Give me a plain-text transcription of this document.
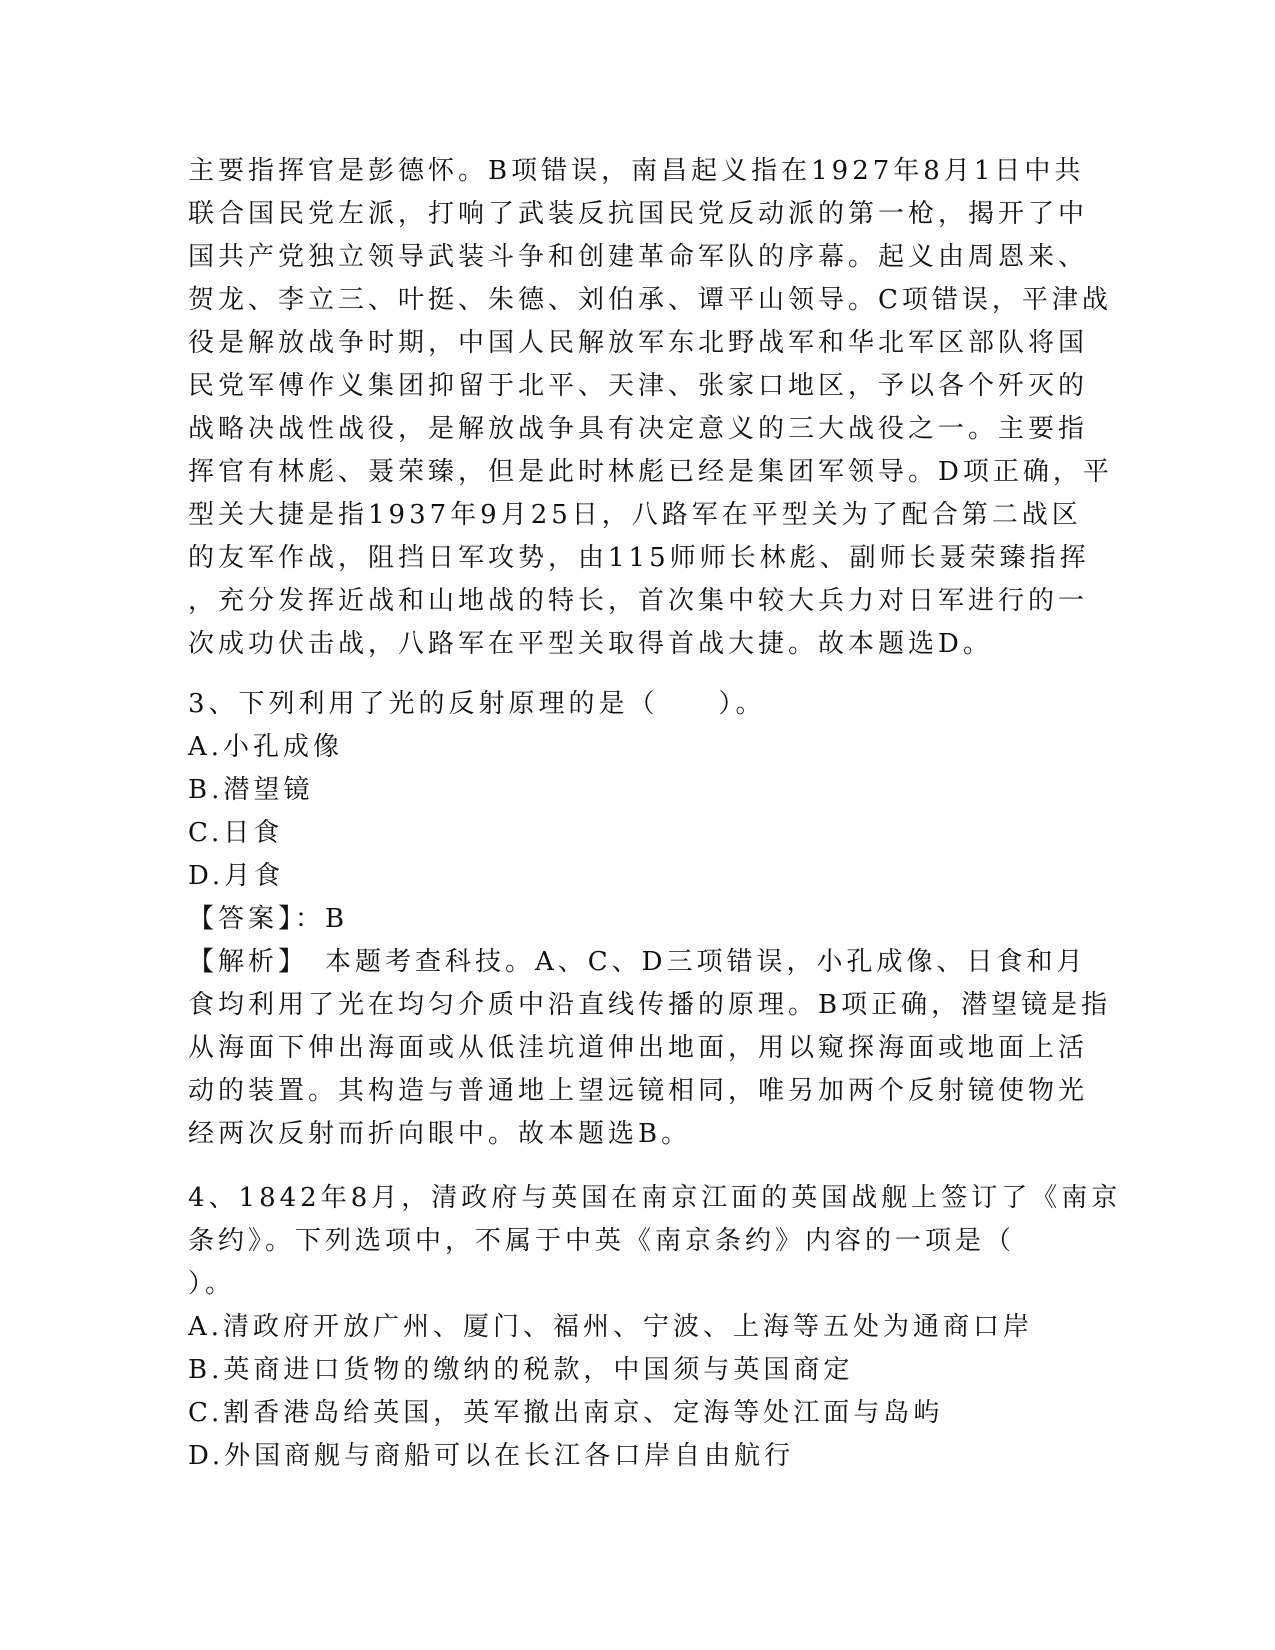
主要指挥官是彭德怀。B项错误，南昌起义指在1927年8月1日中共
联合国民党左派，打响了武装反抗国民党反动派的第一枪，揭开了中
国共产党独立领导武装斗争和创建革命军队的序幕。起义由周恩来、
贺龙、李立三、叶挺、朱德、刘伯承、谭平山领导。C项错误，平津战
役是解放战争时期，中国人民解放军东北野战军和华北军区部队将国
民党军傅作义集团抑留于北平、天津、张家口地区，予以各个歼灭的
战略决战性战役，是解放战争具有决定意义的三大战役之一。主要指
挥官有林彪、聂荣臻，但是此时林彪已经是集团军领导。D项正确，平
型关大捷是指1937年9月25日，八路军在平型关为了配合第二战区
的友军作战，阻挡日军攻势，由115师师长林彪、副师长聂荣臻指挥
，充分发挥近战和山地战的特长，首次集中较大兵力对日军进行的一
次成功伏击战，八路军在平型关取得首战大捷。故本题选D。
3、下列利用了光的反射原理的是（　　）。
A.小孔成像
B.潜望镜
C.日食
D.月食
【答案】：B
【解析】　本题考查科技。A、C、D三项错误，小孔成像、日食和月
食均利用了光在均匀介质中沿直线传播的原理。B项正确，潜望镜是指
从海面下伸出海面或从低洼坑道伸出地面，用以窥探海面或地面上活
动的装置。其构造与普通地上望远镜相同，唯另加两个反射镜使物光
经两次反射而折向眼中。故本题选B。
4、1842年8月，清政府与英国在南京江面的英国战舰上签订了《南京
条约》。下列选项中，不属于中英《南京条约》内容的一项是（
）。
A.清政府开放广州、厦门、福州、宁波、上海等五处为通商口岸
B.英商进口货物的缴纳的税款，中国须与英国商定
C.割香港岛给英国，英军撤出南京、定海等处江面与岛屿
D.外国商舰与商船可以在长江各口岸自由航行
